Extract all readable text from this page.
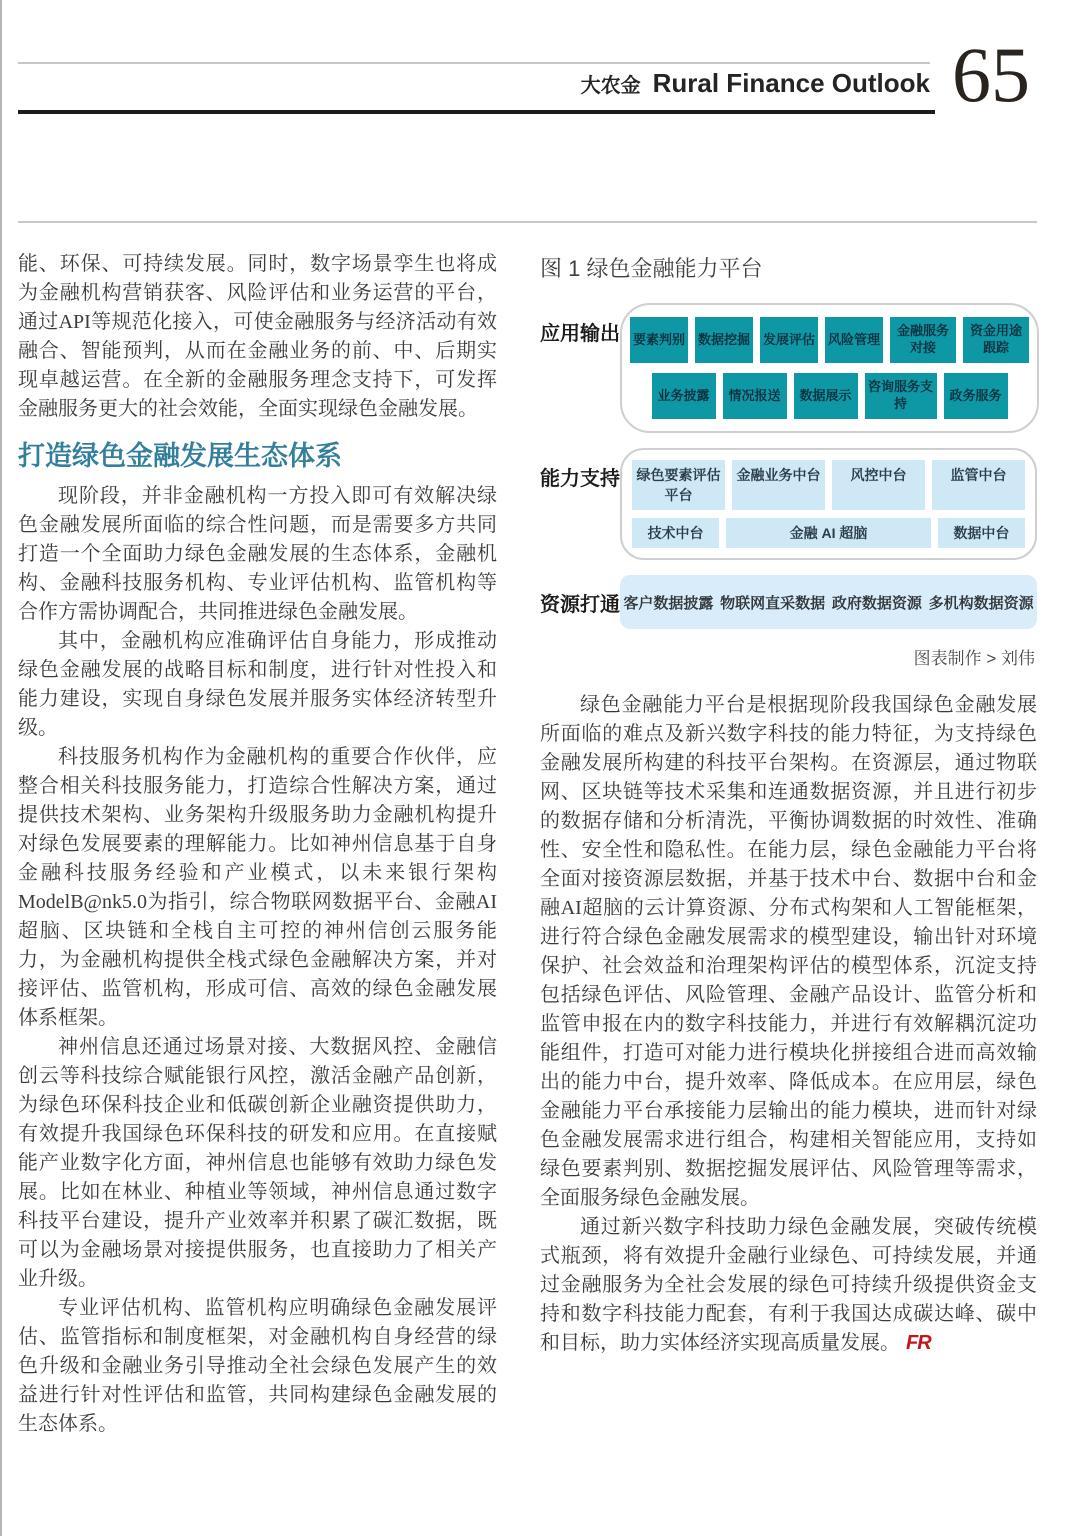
大农金 Rural Finance Outlook 65

能、环保、可持续发展。同时，数字场景孪生也将成为金融机构营销获客、风险评估和业务运营的平台，通过API等规范化接入，可使金融服务与经济活动有效融合、智能预判，从而在金融业务的前、中、后期实现卓越运营。在全新的金融服务理念支持下，可发挥金融服务更大的社会效能，全面实现绿色金融发展。

打造绿色金融发展生态体系

现阶段，并非金融机构一方投入即可有效解决绿色金融发展所面临的综合性问题，而是需要多方共同打造一个全面助力绿色金融发展的生态体系，金融机构、金融科技服务机构、专业评估机构、监管机构等合作方需协调配合，共同推进绿色金融发展。

其中，金融机构应准确评估自身能力，形成推动绿色金融发展的战略目标和制度，进行针对性投入和能力建设，实现自身绿色发展并服务实体经济转型升级。

科技服务机构作为金融机构的重要合作伙伴，应整合相关科技服务能力，打造综合性解决方案，通过提供技术架构、业务架构升级服务助力金融机构提升对绿色发展要素的理解能力。比如神州信息基于自身金融科技服务经验和产业模式，以未来银行架构ModelB@nk5.0为指引，综合物联网数据平台、金融AI超脑、区块链和全栈自主可控的神州信创云服务能力，为金融机构提供全栈式绿色金融解决方案，并对接评估、监管机构，形成可信、高效的绿色金融发展体系框架。

神州信息还通过场景对接、大数据风控、金融信创云等科技综合赋能银行风控，激活金融产品创新，为绿色环保科技企业和低碳创新企业融资提供助力，有效提升我国绿色环保科技的研发和应用。在直接赋能产业数字化方面，神州信息也能够有效助力绿色发展。比如在林业、种植业等领域，神州信息通过数字科技平台建设，提升产业效率并积累了碳汇数据，既可以为金融场景对接提供服务，也直接助力了相关产业升级。

专业评估机构、监管机构应明确绿色金融发展评估、监管指标和制度框架，对金融机构自身经营的绿色升级和金融业务引导推动全社会绿色发展产生的效益进行针对性评估和监管，共同构建绿色金融发展的生态体系。

图 1 绿色金融能力平台
应用输出 要素判别 数据挖掘 发展评估 风险管理
金融服务对接
资金用途跟踪
业务披露	情况报送	数据展示
咨询服务支持
政务服务
能力支持	绿色要素评估平台
金融业务中台	风控中台	监管中台
技术中台	金融 AI 超脑	数据中台
资源打通 客户数据披露 物联网直采数据 政府数据资源 多机构数据资源
图表制作 > 刘伟

绿色金融能力平台是根据现阶段我国绿色金融发展所面临的难点及新兴数字科技的能力特征，为支持绿色金融发展所构建的科技平台架构。在资源层，通过物联网、区块链等技术采集和连通数据资源，并且进行初步的数据存储和分析清洗，平衡协调数据的时效性、准确性、安全性和隐私性。在能力层，绿色金融能力平台将全面对接资源层数据，并基于技术中台、数据中台和金融AI超脑的云计算资源、分布式构架和人工智能框架，进行符合绿色金融发展需求的模型建设，输出针对环境保护、社会效益和治理架构评估的模型体系，沉淀支持包括绿色评估、风险管理、金融产品设计、监管分析和监管申报在内的数字科技能力，并进行有效解耦沉淀功能组件，打造可对能力进行模块化拼接组合进而高效输出的能力中台，提升效率、降低成本。在应用层，绿色金融能力平台承接能力层输出的能力模块，进而针对绿色金融发展需求进行组合，构建相关智能应用，支持如绿色要素判别、数据挖掘发展评估、风险管理等需求，全面服务绿色金融发展。

通过新兴数字科技助力绿色金融发展，突破传统模式瓶颈，将有效提升金融行业绿色、可持续发展，并通过金融服务为全社会发展的绿色可持续升级提供资金支持和数字科技能力配套，有利于我国达成碳达峰、碳中和目标，助力实体经济实现高质量发展。 FR
